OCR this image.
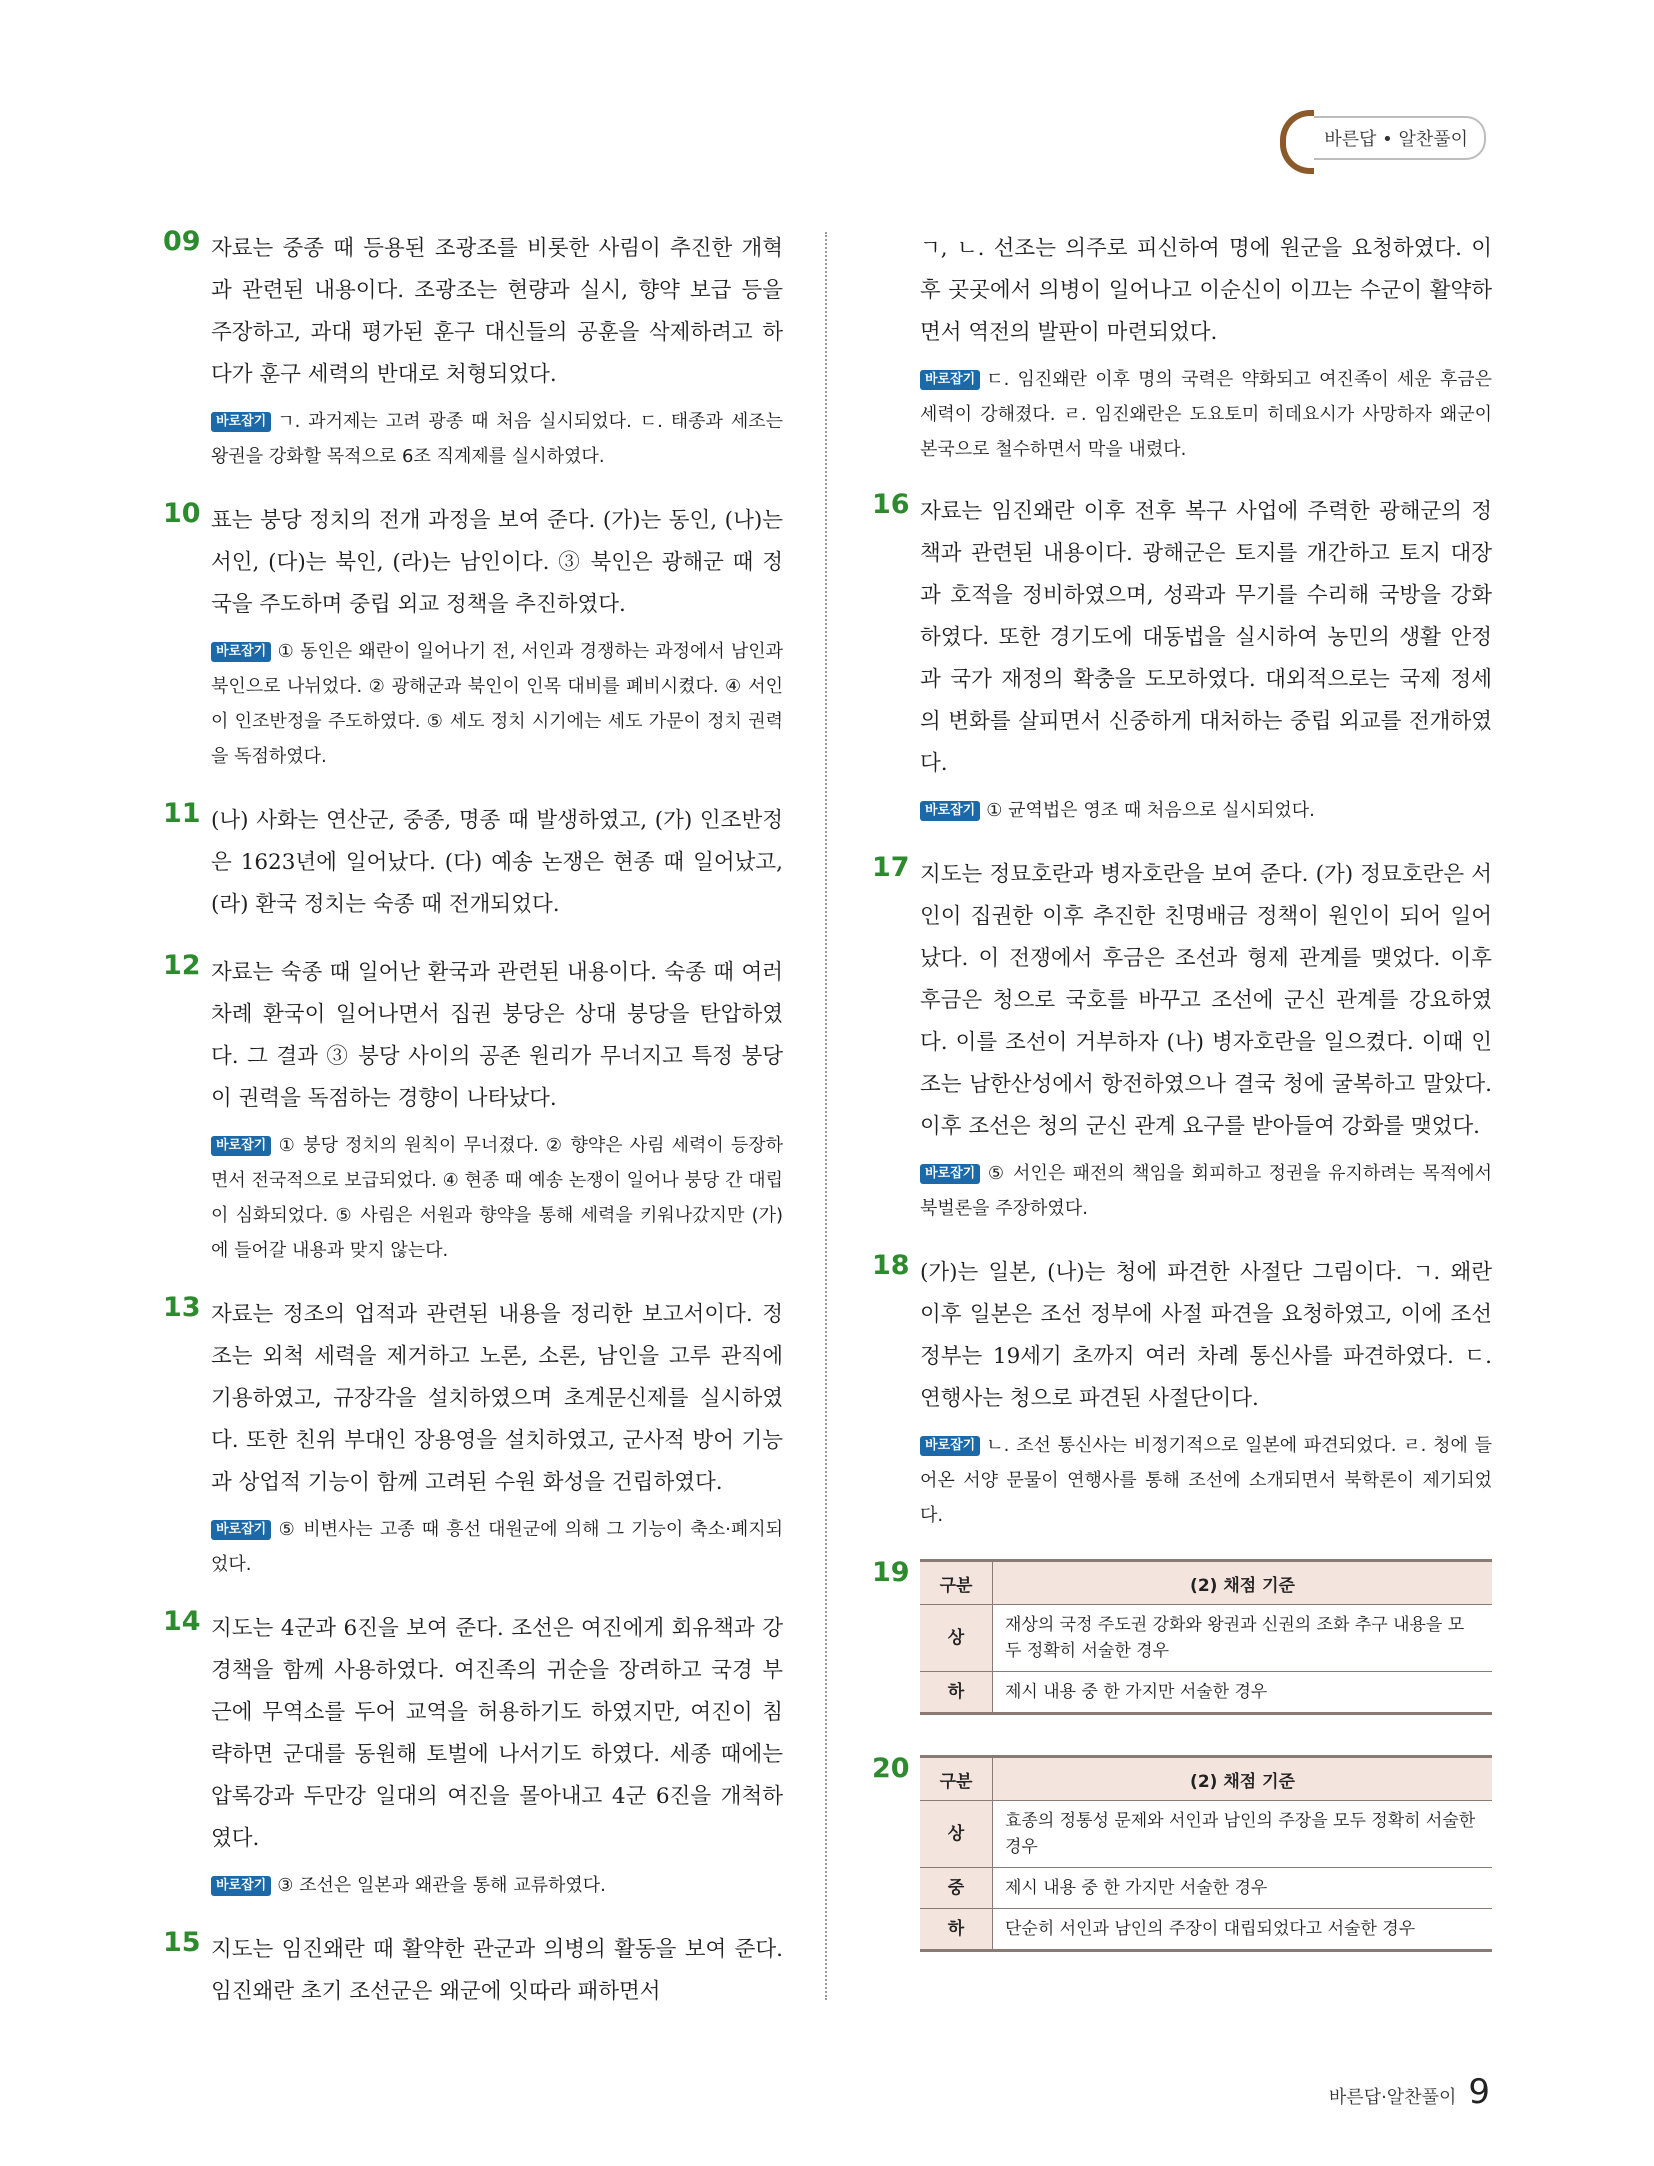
바른답 • 알찬풀이
09 자료는 중종 때 등용된 조광조를 비롯한 사림이 추진한 개혁과 관련된 내용이다. 조광조는 현량과 실시, 향약 보급 등을 주장하고, 과대 평가된 훈구 대신들의 공훈을 삭제하려고 하다가 훈구 세력의 반대로 처형되었다.
바로잡기 ㄱ. 과거제는 고려 광종 때 처음 실시되었다. ㄷ. 태종과 세조는 왕권을 강화할 목적으로 6조 직계제를 실시하였다.
10 표는 붕당 정치의 전개 과정을 보여 준다. (가)는 동인, (나)는 서인, (다)는 북인, (라)는 남인이다. ③ 북인은 광해군 때 정국을 주도하며 중립 외교 정책을 추진하였다.
바로잡기 ① 동인은 왜란이 일어나기 전, 서인과 경쟁하는 과정에서 남인과 북인으로 나뉘었다. ② 광해군과 북인이 인목 대비를 폐비시켰다. ④ 서인이 인조반정을 주도하였다. ⑤ 세도 정치 시기에는 세도 가문이 정치 권력을 독점하였다.
11 (나) 사화는 연산군, 중종, 명종 때 발생하였고, (가) 인조반정은 1623년에 일어났다. (다) 예송 논쟁은 현종 때 일어났고, (라) 환국 정치는 숙종 때 전개되었다.
12 자료는 숙종 때 일어난 환국과 관련된 내용이다. 숙종 때 여러 차례 환국이 일어나면서 집권 붕당은 상대 붕당을 탄압하였다. 그 결과 ③ 붕당 사이의 공존 원리가 무너지고 특정 붕당이 권력을 독점하는 경향이 나타났다.
바로잡기 ① 붕당 정치의 원칙이 무너졌다. ② 향약은 사림 세력이 등장하면서 전국적으로 보급되었다. ④ 현종 때 예송 논쟁이 일어나 붕당 간 대립이 심화되었다. ⑤ 사림은 서원과 향약을 통해 세력을 키워나갔지만 (가)에 들어갈 내용과 맞지 않는다.
13 자료는 정조의 업적과 관련된 내용을 정리한 보고서이다. 정조는 외척 세력을 제거하고 노론, 소론, 남인을 고루 관직에 기용하였고, 규장각을 설치하였으며 초계문신제를 실시하였다. 또한 친위 부대인 장용영을 설치하였고, 군사적 방어 기능과 상업적 기능이 함께 고려된 수원 화성을 건립하였다.
바로잡기 ⑤ 비변사는 고종 때 흥선 대원군에 의해 그 기능이 축소·폐지되었다.
14 지도는 4군과 6진을 보여 준다. 조선은 여진에게 회유책과 강경책을 함께 사용하였다. 여진족의 귀순을 장려하고 국경 부근에 무역소를 두어 교역을 허용하기도 하였지만, 여진이 침략하면 군대를 동원해 토벌에 나서기도 하였다. 세종 때에는 압록강과 두만강 일대의 여진을 몰아내고 4군 6진을 개척하였다.
바로잡기 ③ 조선은 일본과 왜관을 통해 교류하였다.
15 지도는 임진왜란 때 활약한 관군과 의병의 활동을 보여 준다. 임진왜란 초기 조선군은 왜군에 잇따라 패하면서
ㄱ, ㄴ. 선조는 의주로 피신하여 명에 원군을 요청하였다. 이후 곳곳에서 의병이 일어나고 이순신이 이끄는 수군이 활약하면서 역전의 발판이 마련되었다.
바로잡기 ㄷ. 임진왜란 이후 명의 국력은 약화되고 여진족이 세운 후금은 세력이 강해졌다. ㄹ. 임진왜란은 도요토미 히데요시가 사망하자 왜군이 본국으로 철수하면서 막을 내렸다.
16 자료는 임진왜란 이후 전후 복구 사업에 주력한 광해군의 정책과 관련된 내용이다. 광해군은 토지를 개간하고 토지 대장과 호적을 정비하였으며, 성곽과 무기를 수리해 국방을 강화하였다. 또한 경기도에 대동법을 실시하여 농민의 생활 안정과 국가 재정의 확충을 도모하였다. 대외적으로는 국제 정세의 변화를 살피면서 신중하게 대처하는 중립 외교를 전개하였다.
바로잡기 ① 균역법은 영조 때 처음으로 실시되었다.
17 지도는 정묘호란과 병자호란을 보여 준다. (가) 정묘호란은 서인이 집권한 이후 추진한 친명배금 정책이 원인이 되어 일어났다. 이 전쟁에서 후금은 조선과 형제 관계를 맺었다. 이후 후금은 청으로 국호를 바꾸고 조선에 군신 관계를 강요하였다. 이를 조선이 거부하자 (나) 병자호란을 일으켰다. 이때 인조는 남한산성에서 항전하였으나 결국 청에 굴복하고 말았다. 이후 조선은 청의 군신 관계 요구를 받아들여 강화를 맺었다.
바로잡기 ⑤ 서인은 패전의 책임을 회피하고 정권을 유지하려는 목적에서 북벌론을 주장하였다.
18 (가)는 일본, (나)는 청에 파견한 사절단 그림이다. ㄱ. 왜란 이후 일본은 조선 정부에 사절 파견을 요청하였고, 이에 조선 정부는 19세기 초까지 여러 차례 통신사를 파견하였다. ㄷ. 연행사는 청으로 파견된 사절단이다.
바로잡기 ㄴ. 조선 통신사는 비정기적으로 일본에 파견되었다. ㄹ. 청에 들어온 서양 문물이 연행사를 통해 조선에 소개되면서 북학론이 제기되었다.
19 구분	(2) 채점 기준
상	재상의 국정 주도권 강화와 왕권과 신권의 조화 추구 내용을 모두 정확히 서술한 경우
하	제시 내용 중 한 가지만 서술한 경우
20 구분	(2) 채점 기준
상	효종의 정통성 문제와 서인과 남인의 주장을 모두 정확히 서술한 경우
중	제시 내용 중 한 가지만 서술한 경우
하	단순히 서인과 남인의 주장이 대립되었다고 서술한 경우
바른답·알찬풀이 9
